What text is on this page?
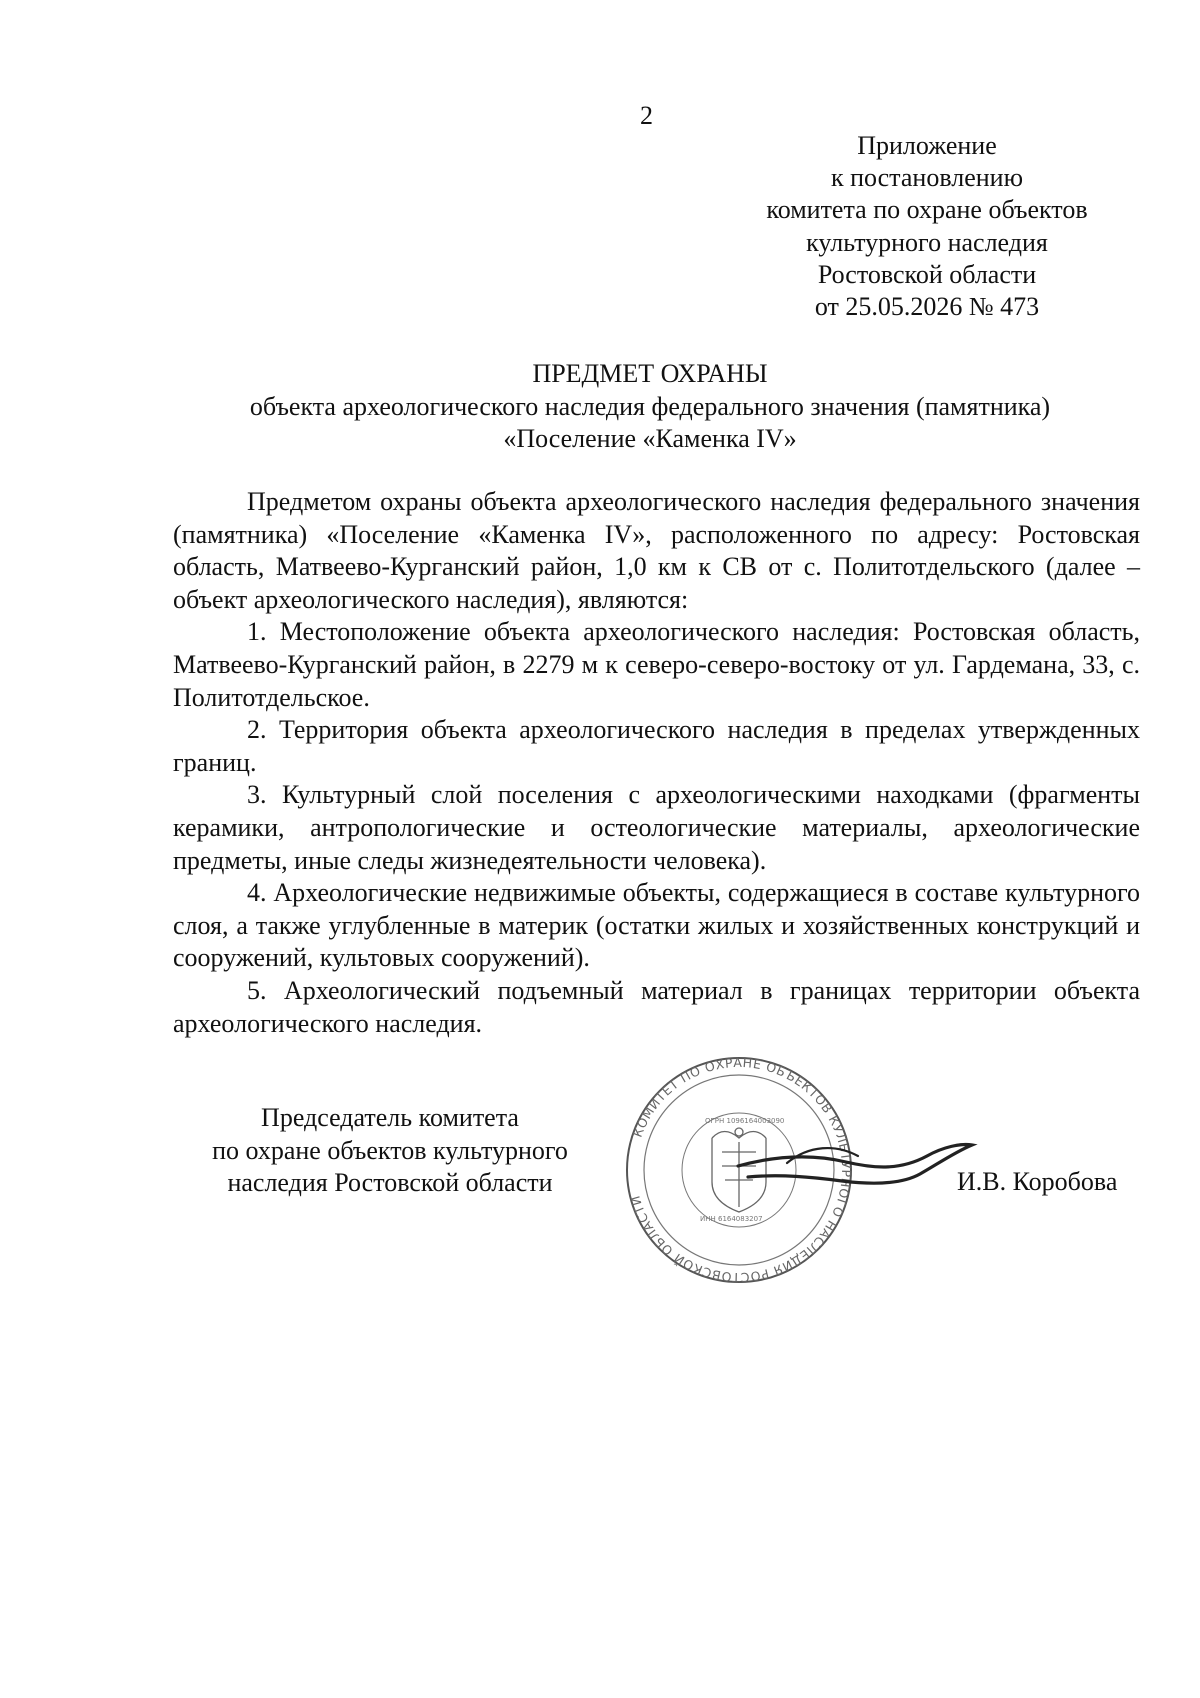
2
Приложение
к постановлению
комитета по охране объектов
культурного наследия
Ростовской области
от 25.05.2026 № 473
ПРЕДМЕТ ОХРАНЫ
объекта археологического наследия федерального значения (памятника)
«Поселение «Каменка IV»

Предметом охраны объекта археологического наследия федерального значения (памятника) «Поселение «Каменка IV», расположенного по адресу: Ростовская область, Матвеево-Курганский район, 1,0 км к СВ от с. Политотдельского (далее – объект археологического наследия), являются:

1. Местоположение объекта археологического наследия: Ростовская область, Матвеево-Курганский район, в 2279 м к северо-северо-востоку от ул. Гардемана, 33, с. Политотдельское.

2. Территория объекта археологического наследия в пределах утвержденных границ.

3. Культурный слой поселения с археологическими находками (фрагменты керамики, антропологические и остеологические материалы, археологические предметы, иные следы жизнедеятельности человека).

4. Археологические недвижимые объекты, содержащиеся в составе культурного слоя, а также углубленные в материк (остатки жилых и хозяйственных конструкций и сооружений, культовых сооружений).

5. Археологический подъемный материал в границах территории объекта археологического наследия.

Председатель комитета
по охране объектов культурного
наследия Ростовской области
КОМИТЕТ ПО ОХРАНЕ ОБЪЕКТОВ КУЛЬТУРНОГО НАСЛЕДИЯ РОСТОВСКОЙ ОБЛАСТИ
ИНН 6164083207
ОГРН 1096164003090
И.В. Коробова
